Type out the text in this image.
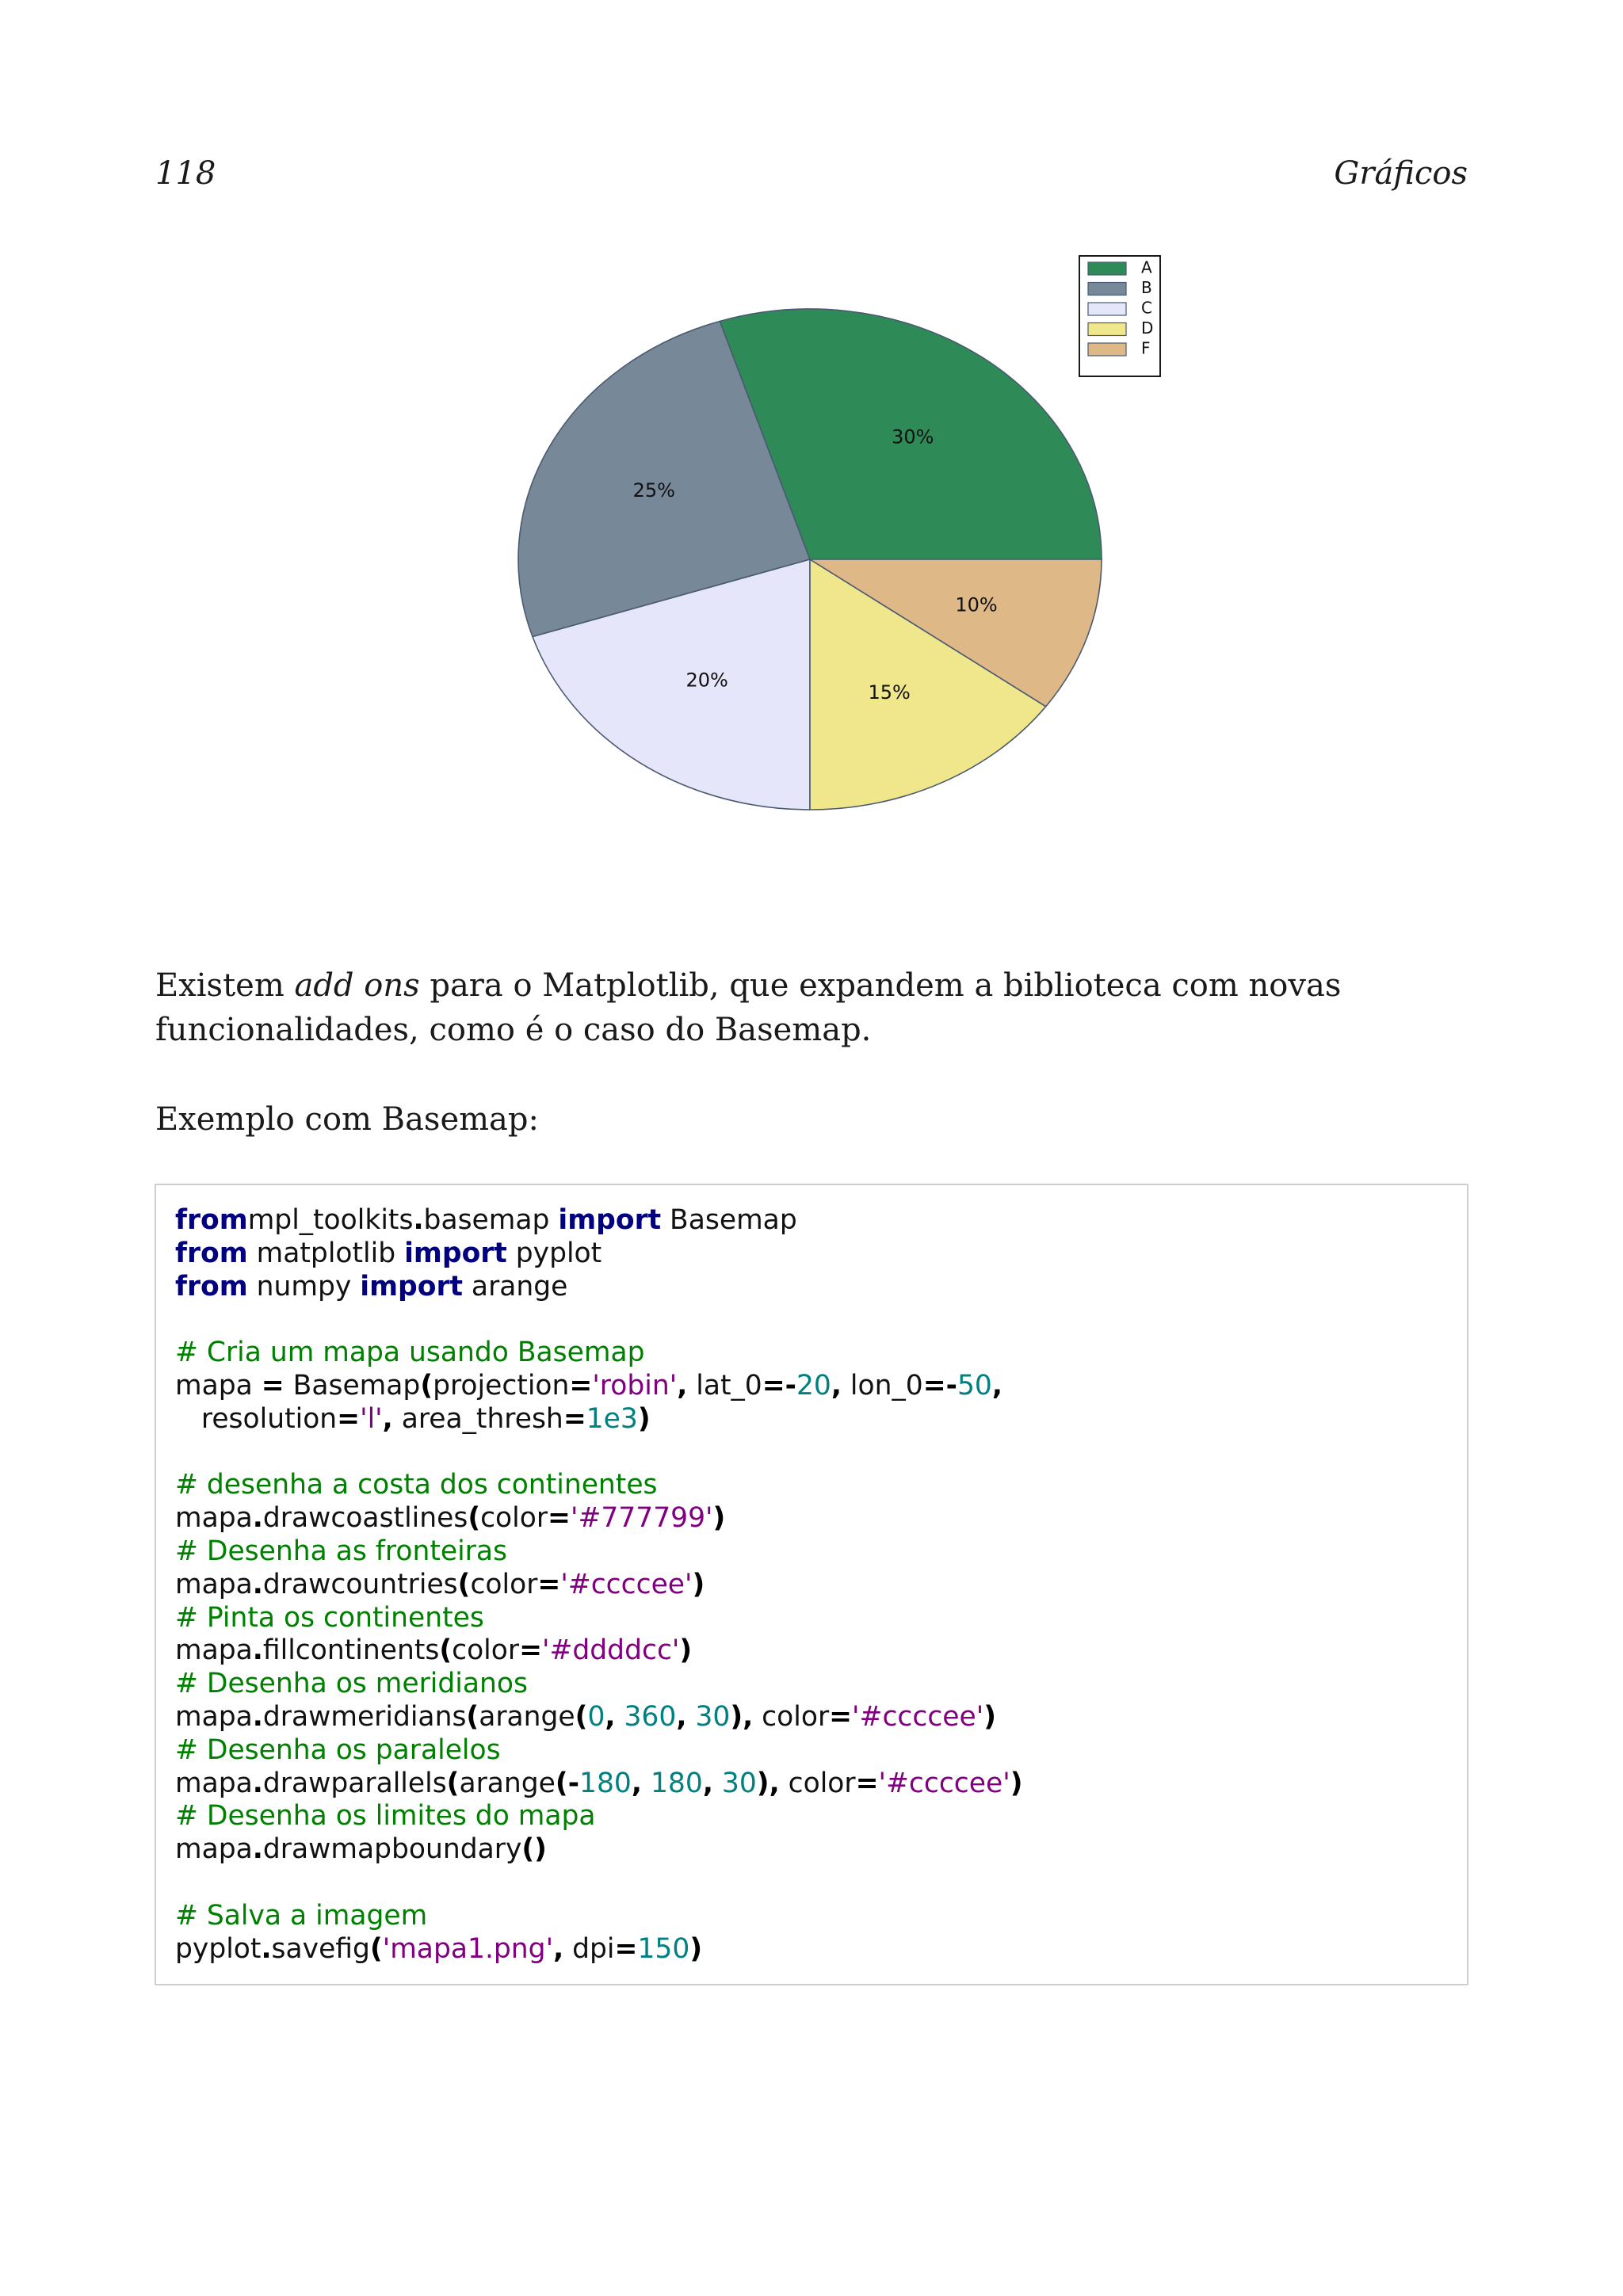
118	Gráficos
30%
25%
20%
15%
10%
A
B
C
D
F

Existem add ons para o Matplotlib, que expandem a biblioteca com novas funcionalidades, como é o caso do Basemap.

Exemplo com Basemap:

frommpl_toolkits.basemap import Basemap
from matplotlib import pyplot
from numpy import arange
# Cria um mapa usando Basemap
mapa = Basemap(projection='robin', lat_0=-20, lon_0=-50,
resolution='l', area_thresh=1e3)
# desenha a costa dos continentes
mapa.drawcoastlines(color='#777799')
# Desenha as fronteiras
mapa.drawcountries(color='#ccccee')
# Pinta os continentes
mapa.fillcontinents(color='#ddddcc')
# Desenha os meridianos
mapa.drawmeridians(arange(0, 360, 30), color='#ccccee')
# Desenha os paralelos
mapa.drawparallels(arange(-180, 180, 30), color='#ccccee')
# Desenha os limites do mapa
mapa.drawmapboundary()
# Salva a imagem
pyplot.savefig('mapa1.png', dpi=150)
